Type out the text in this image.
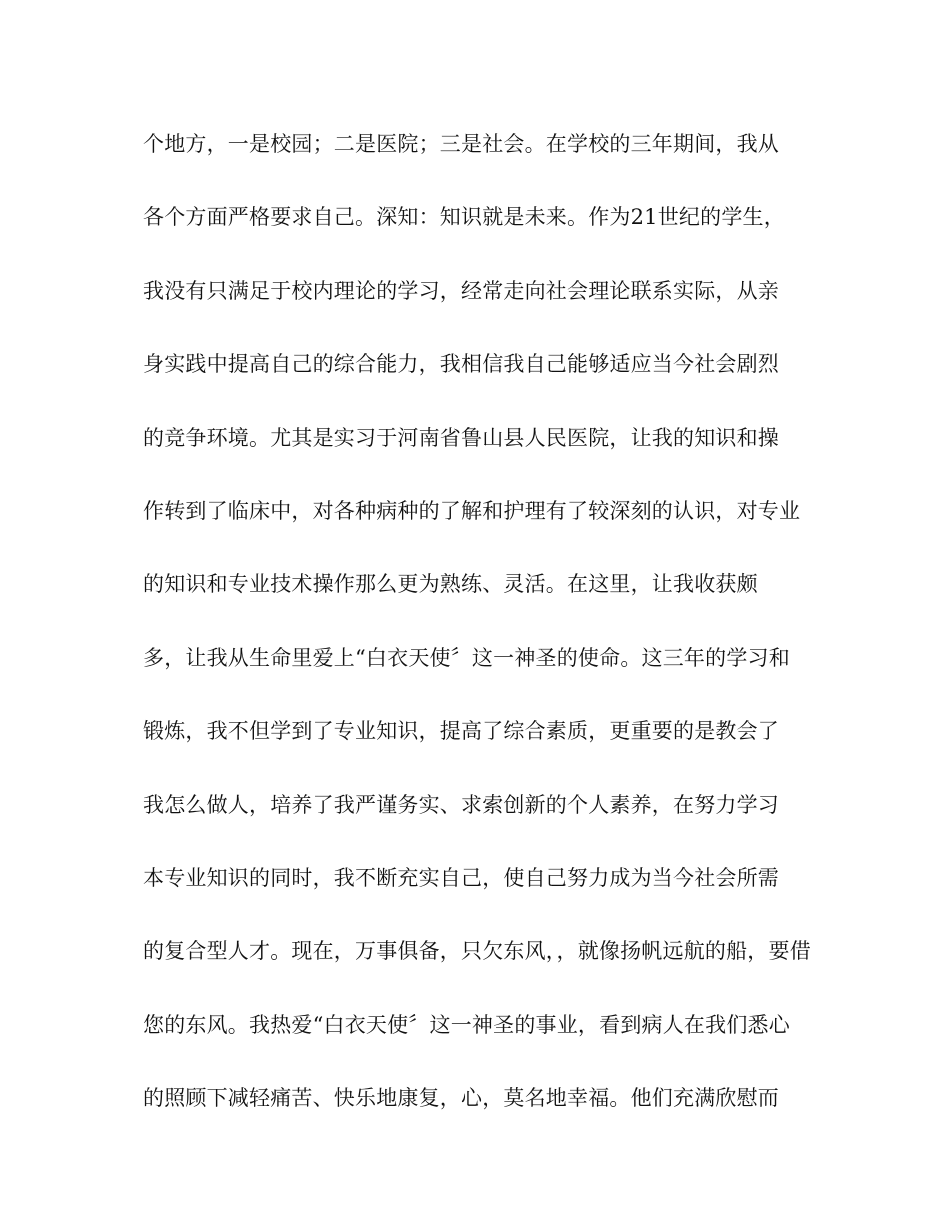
个地方，一是校园；二是医院；三是社会。在学校的三年期间，我从
各个方面严格要求自己。深知：知识就是未来。作为21世纪的学生，
我没有只满足于校内理论的学习，经常走向社会理论联系实际，从亲
身实践中提高自己的综合能力，我相信我自己能够适应当今社会剧烈
的竞争环境。尤其是实习于河南省鲁山县人民医院，让我的知识和操
作转到了临床中，对各种病种的了解和护理有了较深刻的认识，对专业
的知识和专业技术操作那么更为熟练、灵活。在这里，让我收获颇
多，让我从生命里爱上“白衣天使〞这一神圣的使命。这三年的学习和
锻炼，我不但学到了专业知识，提高了综合素质，更重要的是教会了
我怎么做人，培养了我严谨务实、求索创新的个人素养，在努力学习
本专业知识的同时，我不断充实自己，使自己努力成为当今社会所需
的复合型人才。现在，万事俱备，只欠东风，，就像扬帆远航的船，要借
您的东风。我热爱“白衣天使〞这一神圣的事业，看到病人在我们悉心
的照顾下减轻痛苦、快乐地康复，心，莫名地幸福。他们充满欣慰而
